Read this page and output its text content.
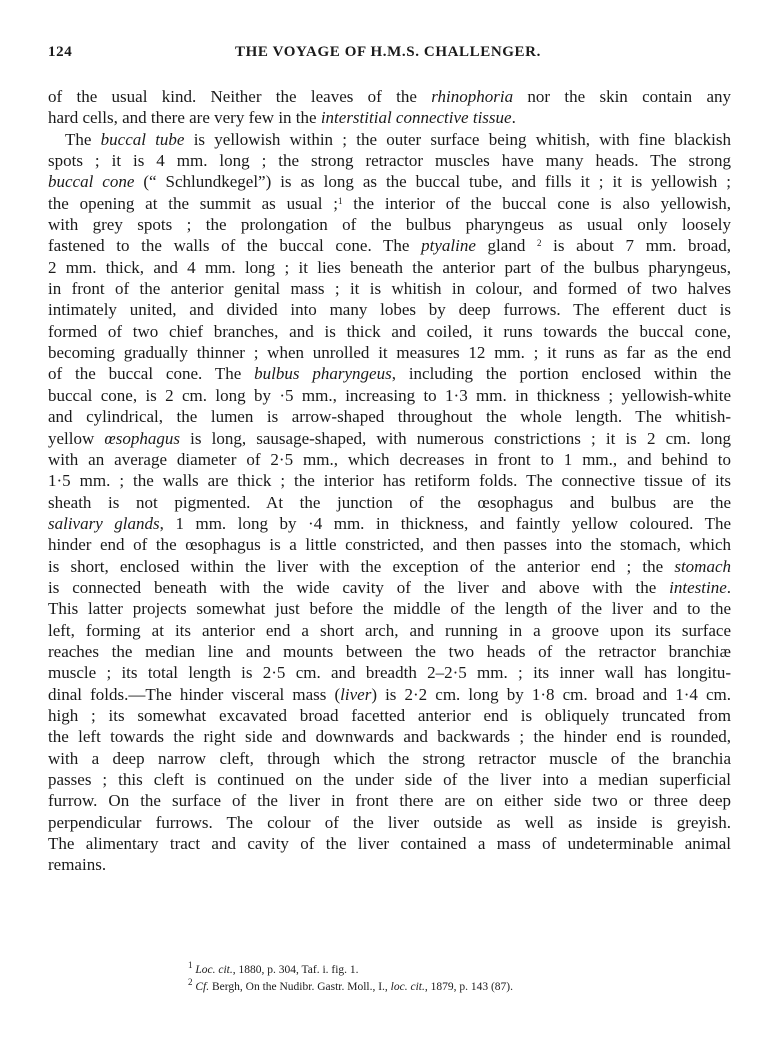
124	THE VOYAGE OF H.M.S. CHALLENGER.
of the usual kind. Neither the leaves of the rhinophoria nor the skin contain any
hard cells, and there are very few in the interstitial connective tissue.
The buccal tube is yellowish within ; the outer surface being whitish, with fine blackish
spots ; it is 4 mm. long ; the strong retractor muscles have many heads. The strong
buccal cone (“ Schlundkegel”) is as long as the buccal tube, and fills it ; it is yellowish ;
the opening at the summit as usual ;$^1$ the interior of the buccal cone is also yellowish,
with grey spots ; the prolongation of the bulbus pharyngeus as usual only loosely
fastened to the walls of the buccal cone. The ptyaline gland $^2$ is about 7 mm. broad,
2 mm. thick, and 4 mm. long ; it lies beneath the anterior part of the bulbus pharyngeus,
in front of the anterior genital mass ; it is whitish in colour, and formed of two halves
intimately united, and divided into many lobes by deep furrows. The efferent duct is
formed of two chief branches, and is thick and coiled, it runs towards the buccal cone,
becoming gradually thinner ; when unrolled it measures 12 mm. ; it runs as far as the end
of the buccal cone. The bulbus pharyngeus, including the portion enclosed within the
buccal cone, is 2 cm. long by ·5 mm., increasing to 1·3 mm. in thickness ; yellowish-white
and cylindrical, the lumen is arrow-shaped throughout the whole length. The whitish-
yellow œsophagus is long, sausage-shaped, with numerous constrictions ; it is 2 cm. long
with an average diameter of 2·5 mm., which decreases in front to 1 mm., and behind to
1·5 mm. ; the walls are thick ; the interior has retiform folds. The connective tissue of its
sheath is not pigmented. At the junction of the œsophagus and bulbus are the
salivary glands, 1 mm. long by ·4 mm. in thickness, and faintly yellow coloured. The
hinder end of the œsophagus is a little constricted, and then passes into the stomach, which
is short, enclosed within the liver with the exception of the anterior end ; the stomach
is connected beneath with the wide cavity of the liver and above with the intestine.
This latter projects somewhat just before the middle of the length of the liver and to the
left, forming at its anterior end a short arch, and running in a groove upon its surface
reaches the median line and mounts between the two heads of the retractor branchiæ
muscle ; its total length is 2·5 cm. and breadth 2–2·5 mm. ; its inner wall has longitu-
dinal folds.—The hinder visceral mass (liver) is 2·2 cm. long by 1·8 cm. broad and 1·4 cm.
high ; its somewhat excavated broad facetted anterior end is obliquely truncated from
the left towards the right side and downwards and backwards ; the hinder end is rounded,
with a deep narrow cleft, through which the strong retractor muscle of the branchia
passes ; this cleft is continued on the under side of the liver into a median superficial
furrow. On the surface of the liver in front there are on either side two or three deep
perpendicular furrows. The colour of the liver outside as well as inside is greyish.
The alimentary tract and cavity of the liver contained a mass of undeterminable animal
remains.
$^1$ Loc. cit., 1880, p. 304, Taf. i. fig. 1.
$^2$ Cf. Bergh, On the Nudibr. Gastr. Moll., I., loc. cit., 1879, p. 143 (87).
